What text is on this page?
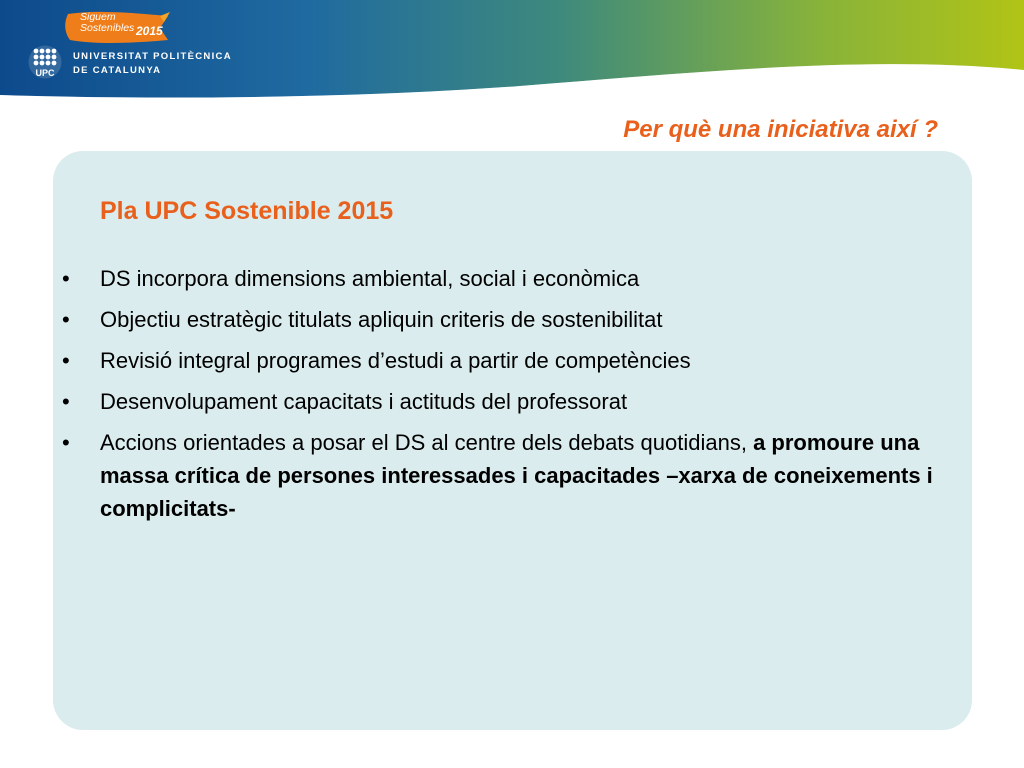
Siguem
Sostenibles 2015
UPC
UNIVERSITAT POLITÈCNICA
DE CATALUNYA
Per què una iniciativa així ?
Pla UPC Sostenible 2015
• DS incorpora dimensions ambiental, social i econòmica
• Objectiu estratègic titulats apliquin criteris de sostenibilitat
• Revisió integral programes d’estudi a partir de competències
• Desenvolupament capacitats i actituds del professorat
• Accions orientades a posar el DS al centre dels debats quotidians, a promoure una massa crítica de persones interessades i capacitades –xarxa de coneixements i complicitats-
